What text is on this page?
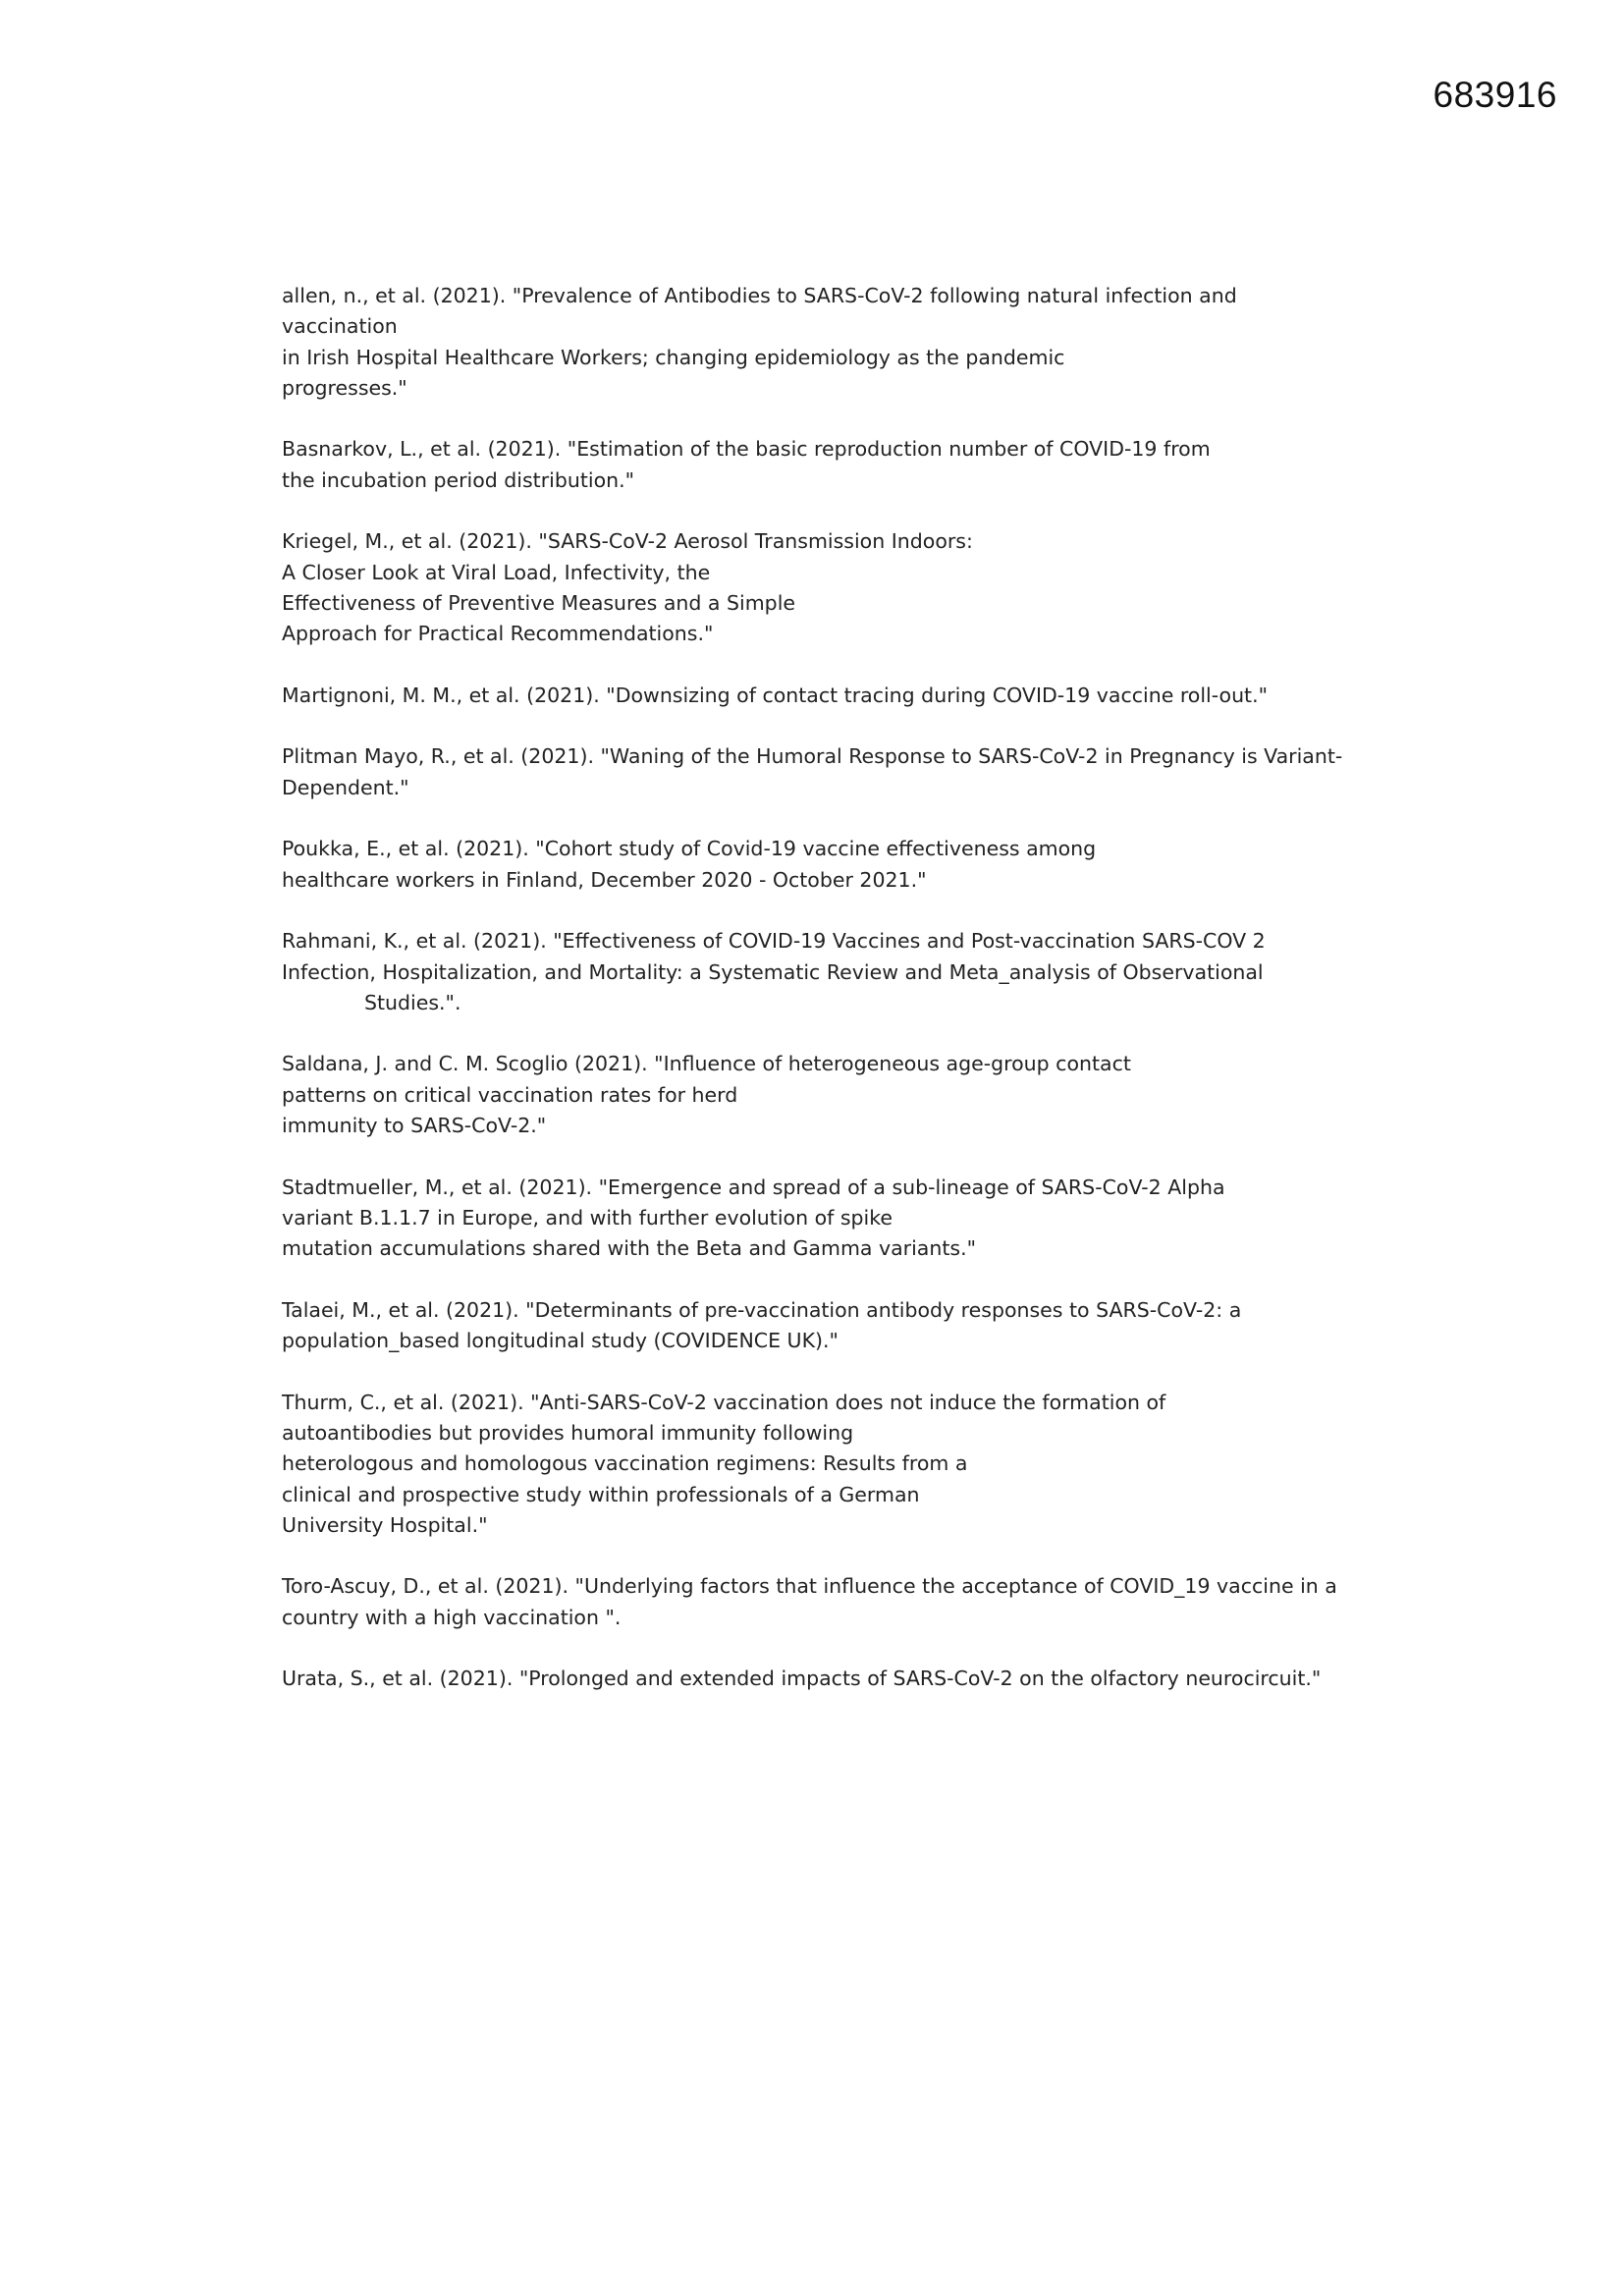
683916
allen, n., et al. (2021). "Prevalence of Antibodies to SARS-CoV-2 following natural infection and
vaccination
in Irish Hospital Healthcare Workers; changing epidemiology as the pandemic
progresses."
Basnarkov, L., et al. (2021). "Estimation of the basic reproduction number of COVID-19 from
the incubation period distribution."
Kriegel, M., et al. (2021). "SARS-CoV-2 Aerosol Transmission Indoors:
A Closer Look at Viral Load, Infectivity, the
Effectiveness of Preventive Measures and a Simple
Approach for Practical Recommendations."
Martignoni, M. M., et al. (2021). "Downsizing of contact tracing during COVID-19 vaccine roll-out."
Plitman Mayo, R., et al. (2021). "Waning of the Humoral Response to SARS-CoV-2 in Pregnancy is Variant-
Dependent."
Poukka, E., et al. (2021). "Cohort study of Covid-19 vaccine effectiveness among
healthcare workers in Finland, December 2020 - October 2021."
Rahmani, K., et al. (2021). "Effectiveness of COVID-19 Vaccines and Post-vaccination SARS-COV 2
Infection, Hospitalization, and Mortality: a Systematic Review and Meta_analysis of Observational
Studies.".
Saldana, J. and C. M. Scoglio (2021). "Influence of heterogeneous age-group contact
patterns on critical vaccination rates for herd
immunity to SARS-CoV-2."
Stadtmueller, M., et al. (2021). "Emergence and spread of a sub-lineage of SARS-CoV-2 Alpha
variant B.1.1.7 in Europe, and with further evolution of spike
mutation accumulations shared with the Beta and Gamma variants."
Talaei, M., et al. (2021). "Determinants of pre-vaccination antibody responses to SARS-CoV-2: a
population_based longitudinal study (COVIDENCE UK)."
Thurm, C., et al. (2021). "Anti-SARS-CoV-2 vaccination does not induce the formation of
autoantibodies but provides humoral immunity following
heterologous and homologous vaccination regimens: Results from a
clinical and prospective study within professionals of a German
University Hospital."
Toro-Ascuy, D., et al. (2021). "Underlying factors that influence the acceptance of COVID_19 vaccine in a
country with a high vaccination ".
Urata, S., et al. (2021). "Prolonged and extended impacts of SARS-CoV-2 on the olfactory neurocircuit."
